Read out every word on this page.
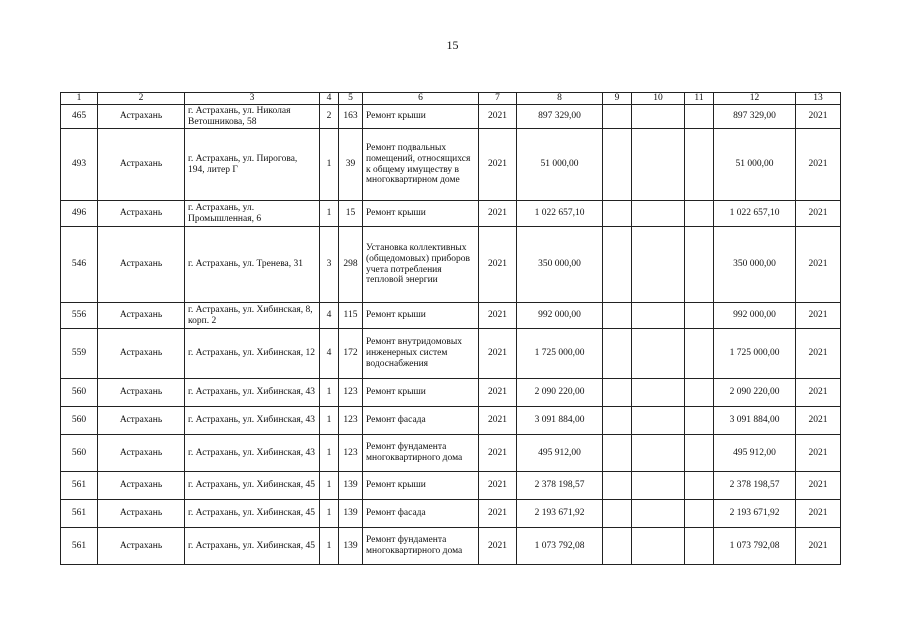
15
1	2	3	4	5	6	7	8	9	10	11	12	13
465	Астрахань	г. Астрахань, ул. Николая Ветошникова, 58	2	163	Ремонт крыши	2021	897 329,00				897 329,00	2021
493	Астрахань	г. Астрахань, ул. Пирогова, 194, литер Г	1	39	Ремонт подвальных помещений, относящихся к общему имуществу в многоквартирном доме	2021	51 000,00				51 000,00	2021
496	Астрахань	г. Астрахань, ул. Промышленная, 6	1	15	Ремонт крыши	2021	1 022 657,10				1 022 657,10	2021
546	Астрахань	г. Астрахань, ул. Тренева, 31	3	298	Установка коллективных (общедомовых) приборов учета потребления тепловой энергии	2021	350 000,00				350 000,00	2021
556	Астрахань	г. Астрахань, ул. Хибинская, 8, корп. 2	4	115	Ремонт крыши	2021	992 000,00				992 000,00	2021
559	Астрахань	г. Астрахань, ул. Хибинская, 12	4	172	Ремонт внутридомовых инженерных систем водоснабжения	2021	1 725 000,00				1 725 000,00	2021
560	Астрахань	г. Астрахань, ул. Хибинская, 43	1	123	Ремонт крыши	2021	2 090 220,00				2 090 220,00	2021
560	Астрахань	г. Астрахань, ул. Хибинская, 43	1	123	Ремонт фасада	2021	3 091 884,00				3 091 884,00	2021
560	Астрахань	г. Астрахань, ул. Хибинская, 43	1	123	Ремонт фундамента многоквартирного дома	2021	495 912,00				495 912,00	2021
561	Астрахань	г. Астрахань, ул. Хибинская, 45	1	139	Ремонт крыши	2021	2 378 198,57				2 378 198,57	2021
561	Астрахань	г. Астрахань, ул. Хибинская, 45	1	139	Ремонт фасада	2021	2 193 671,92				2 193 671,92	2021
561	Астрахань	г. Астрахань, ул. Хибинская, 45	1	139	Ремонт фундамента многоквартирного дома	2021	1 073 792,08				1 073 792,08	2021
